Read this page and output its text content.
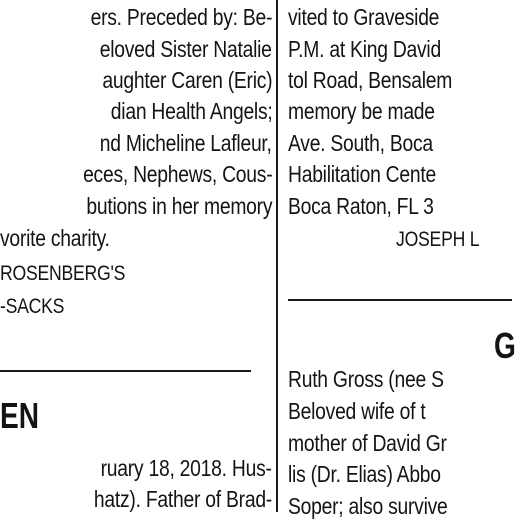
ers. Preceded by: Be-
eloved Sister Natalie
aughter Caren (Eric)
dian Health Angels;
nd Micheline Lafleur,
eces, Nephews, Cous-
butions in her memory
vorite charity.
ROSENBERG'S
-SACKS
EN
ruary 18, 2018. Hus-
hatz). Father of Brad-
vited to Graveside
P.M. at King David
tol Road, Bensalem
memory be made
Ave. South, Boca
Habilitation Cente
Boca Raton, FL 3
JOSEPH L
G
Ruth Gross (nee S
Beloved wife of t
mother of David Gr
lis (Dr. Elias) Abbo
Soper; also survive
